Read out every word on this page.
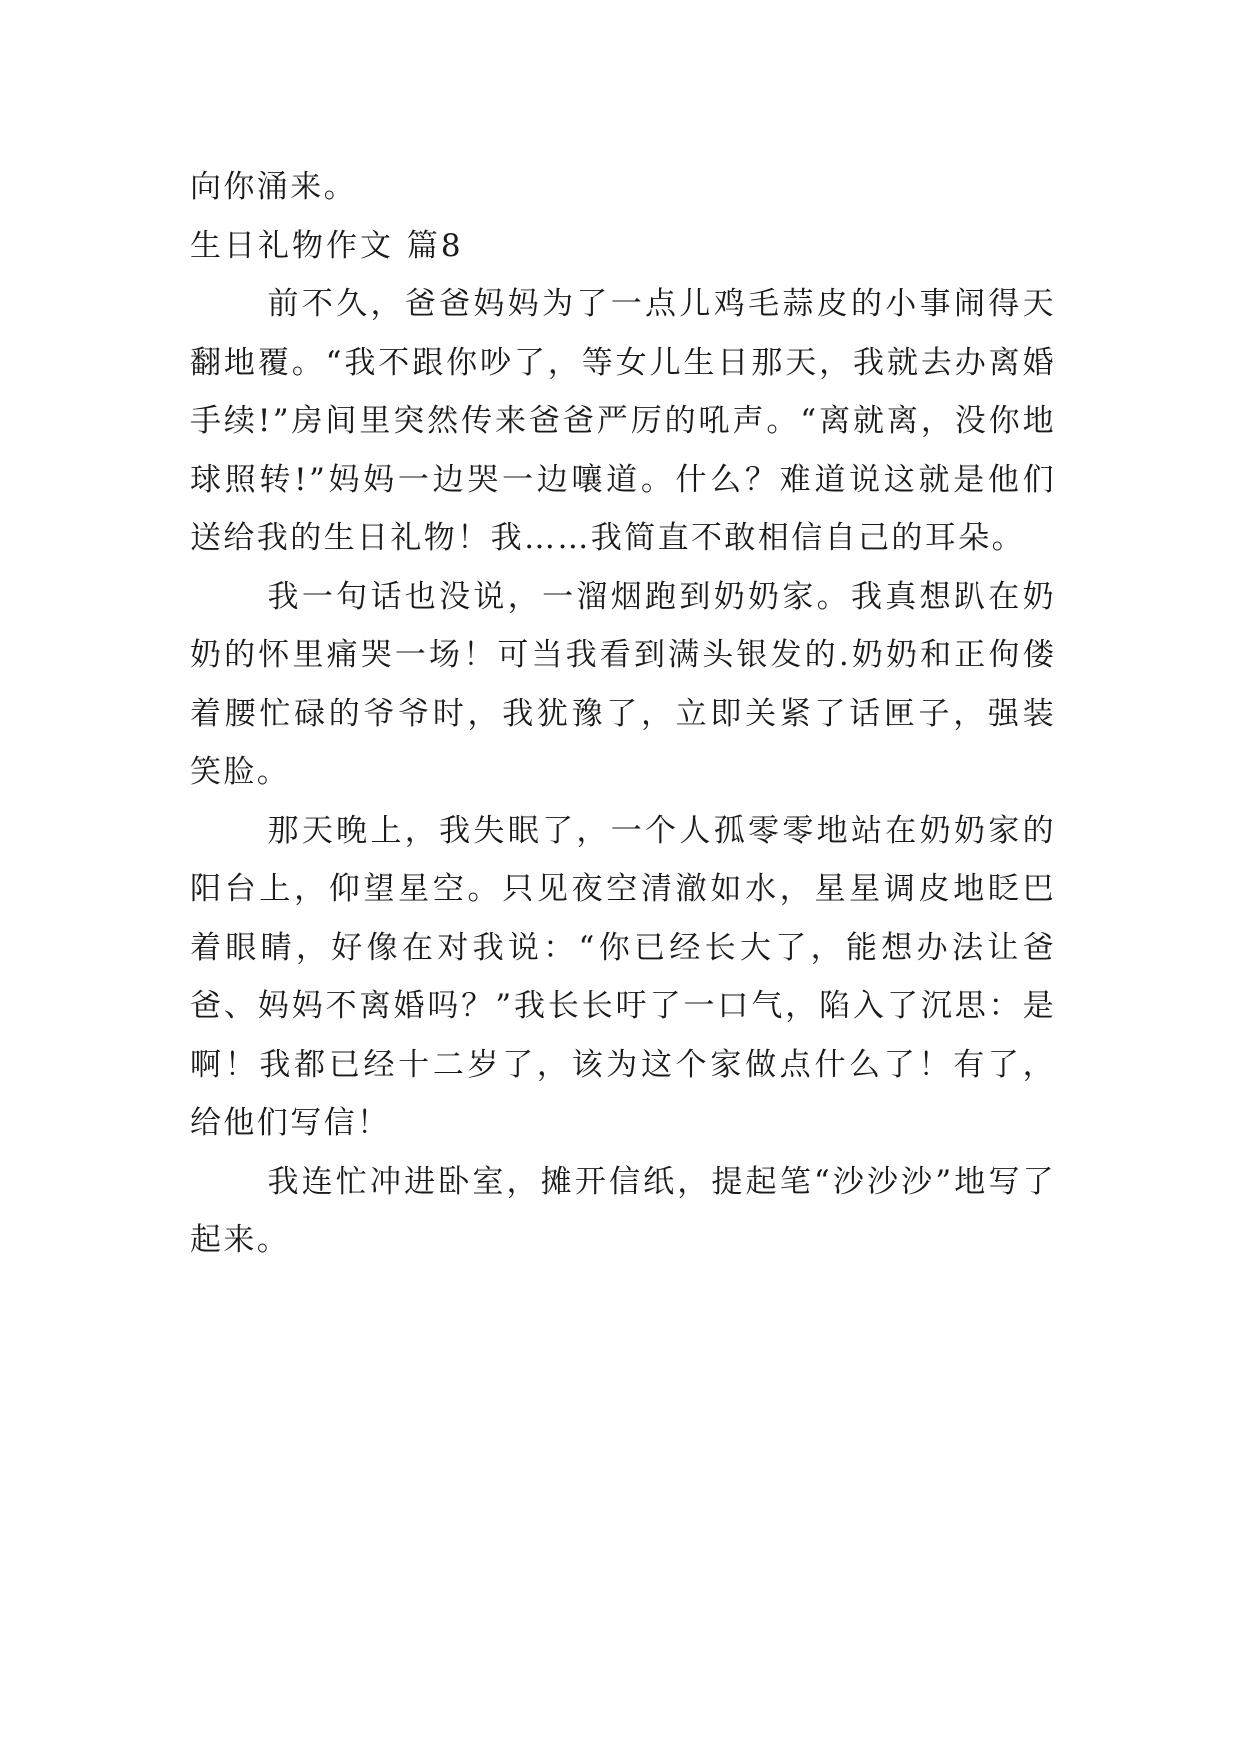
向你涌来。

生日礼物作文 篇8

前不久，爸爸妈妈为了一点儿鸡毛蒜皮的小事闹得天翻地覆。“我不跟你吵了，等女儿生日那天，我就去办离婚手续!”房间里突然传来爸爸严厉的吼声。“离就离，没你地球照转!”妈妈一边哭一边嚷道。什么？难道说这就是他们送给我的生日礼物！我……我简直不敢相信自己的耳朵。

我一句话也没说，一溜烟跑到奶奶家。我真想趴在奶奶的怀里痛哭一场！可当我看到满头银发的.奶奶和正佝偻着腰忙碌的爷爷时，我犹豫了，立即关紧了话匣子，强装笑脸。

那天晚上，我失眠了，一个人孤零零地站在奶奶家的阳台上，仰望星空。只见夜空清澈如水，星星调皮地眨巴着眼睛，好像在对我说：“你已经长大了，能想办法让爸爸、妈妈不离婚吗？”我长长吁了一口气，陷入了沉思：是啊！我都已经十二岁了，该为这个家做点什么了！有了，给他们写信！

我连忙冲进卧室，摊开信纸，提起笔“沙沙沙”地写了起来。
